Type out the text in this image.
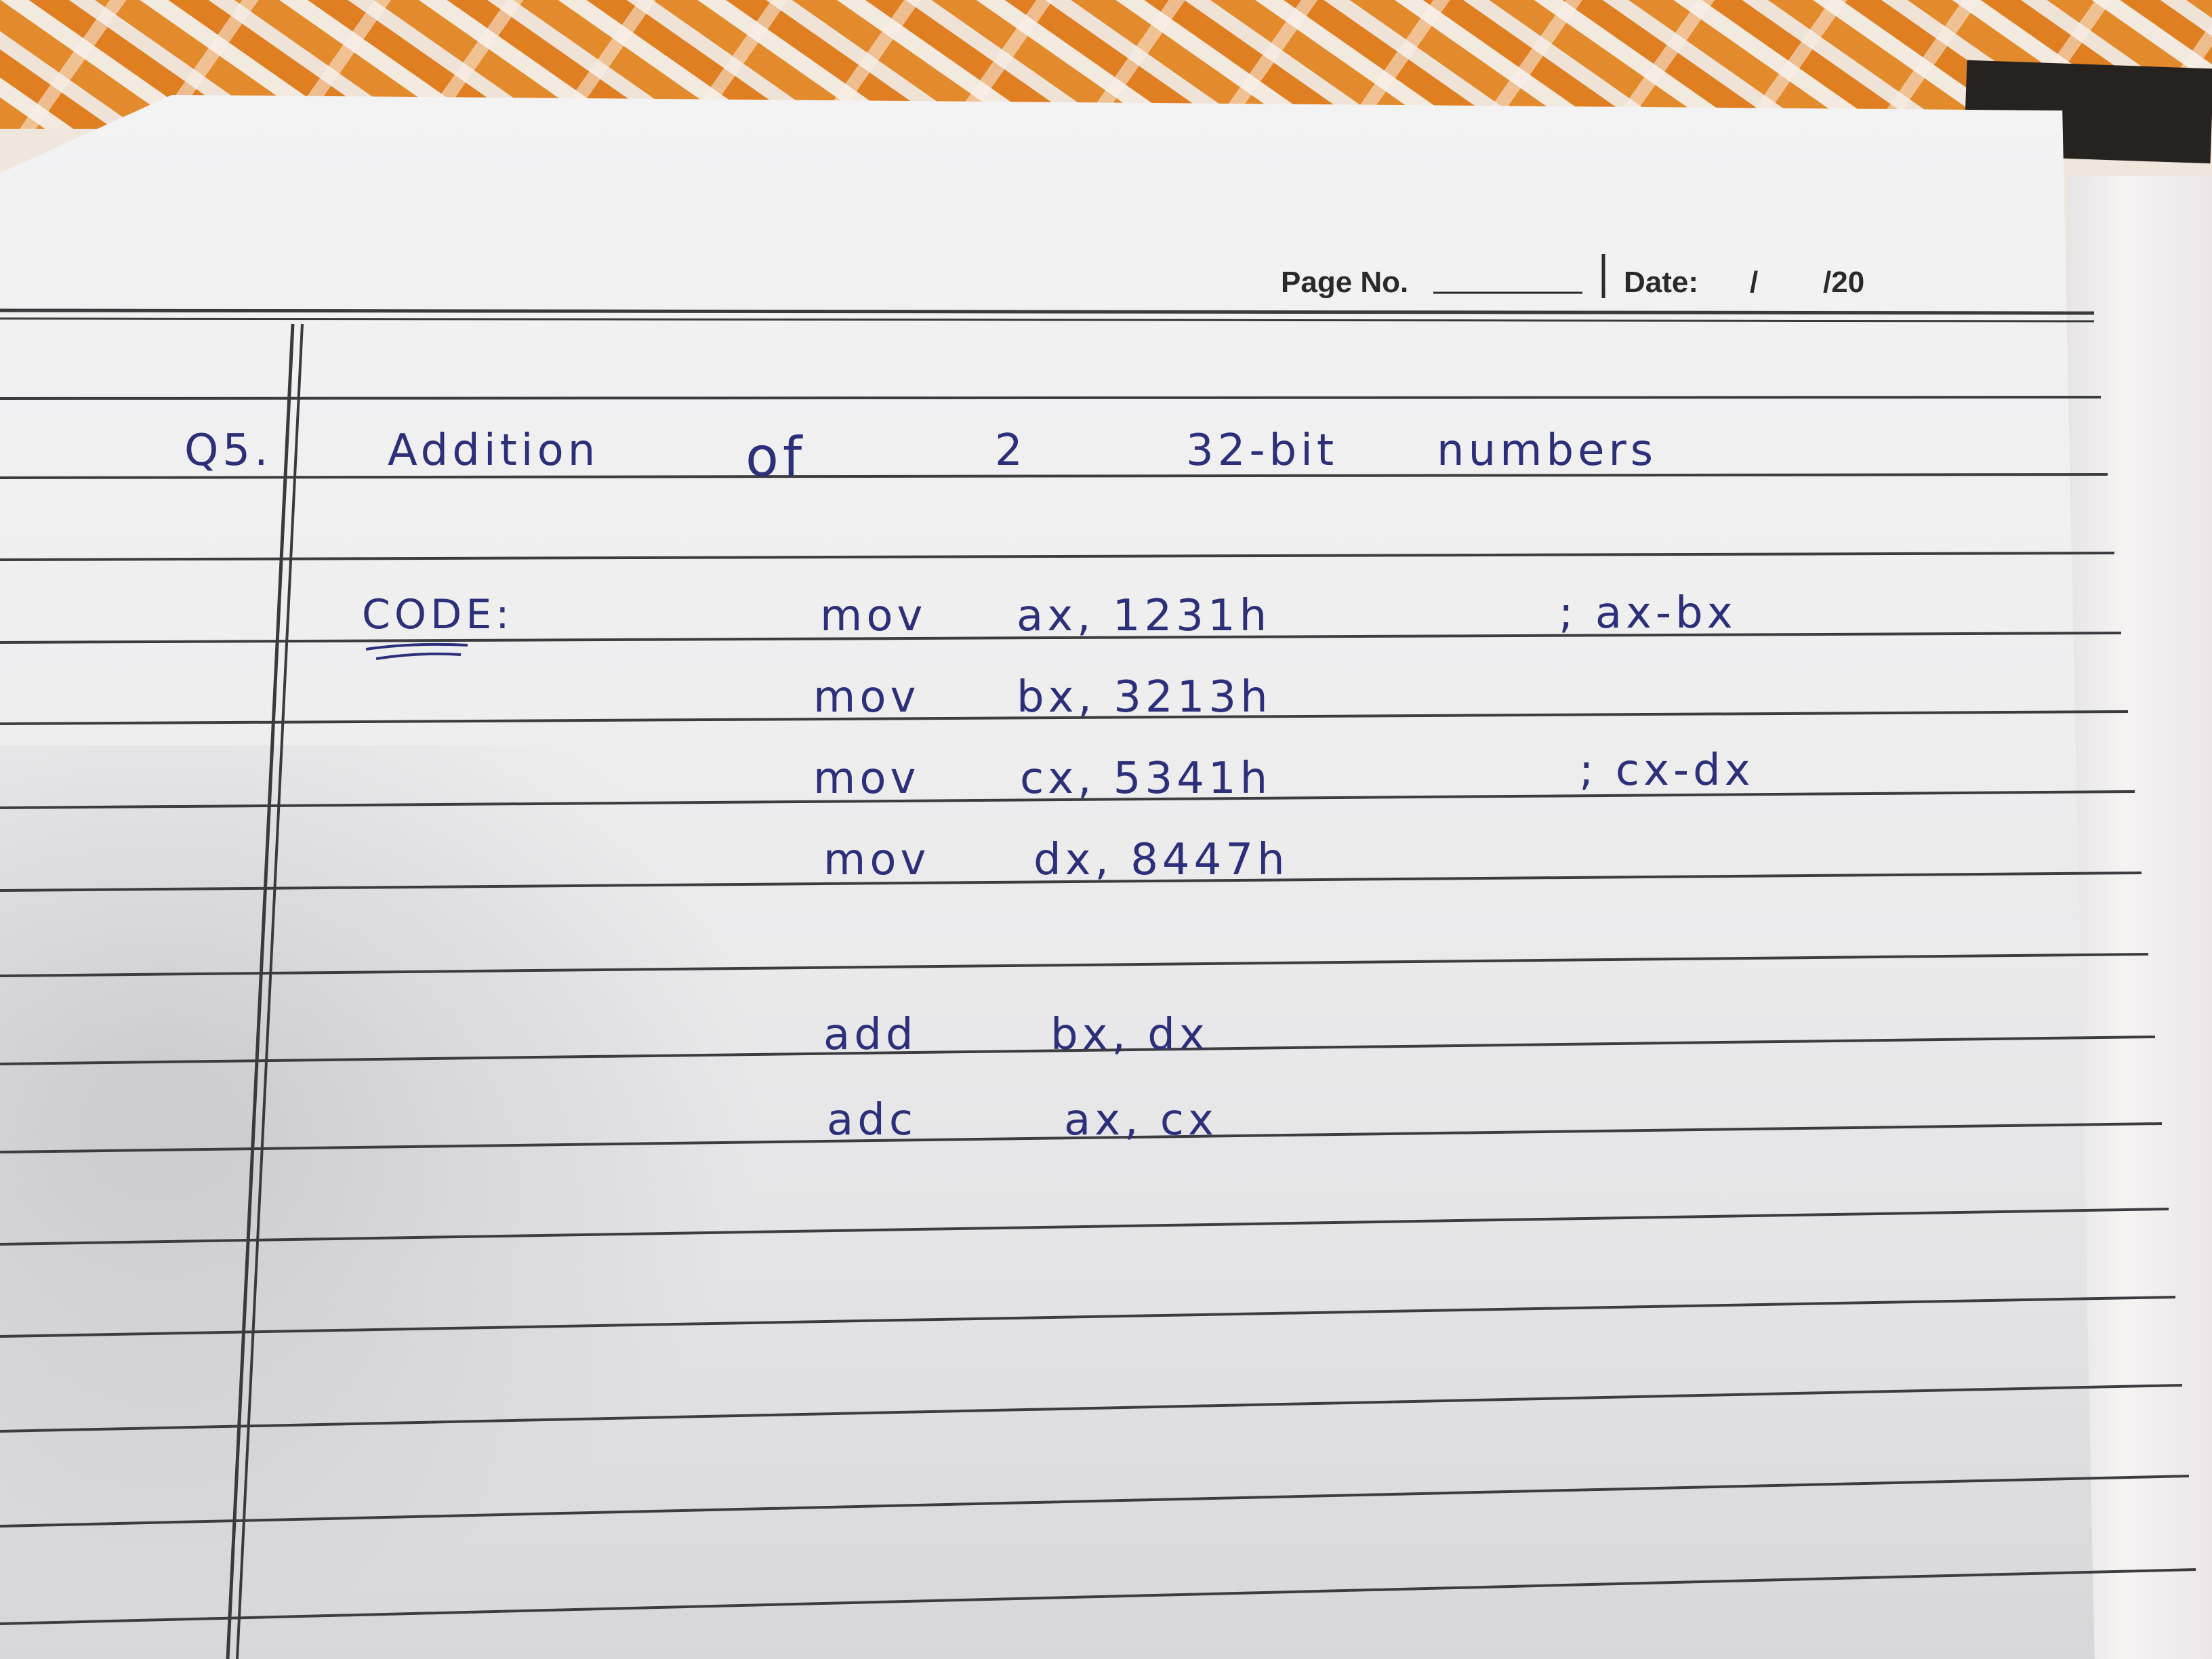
Page No.	Date: / /20
Q5.	Addition	of	2	32-bit numbers
CODE:	mov ax, 1231h	; ax-bx
mov bx, 3213h
mov cx, 5341h	; cx-dx
mov dx, 8447h
add	bx, dx
adc	ax, cx
